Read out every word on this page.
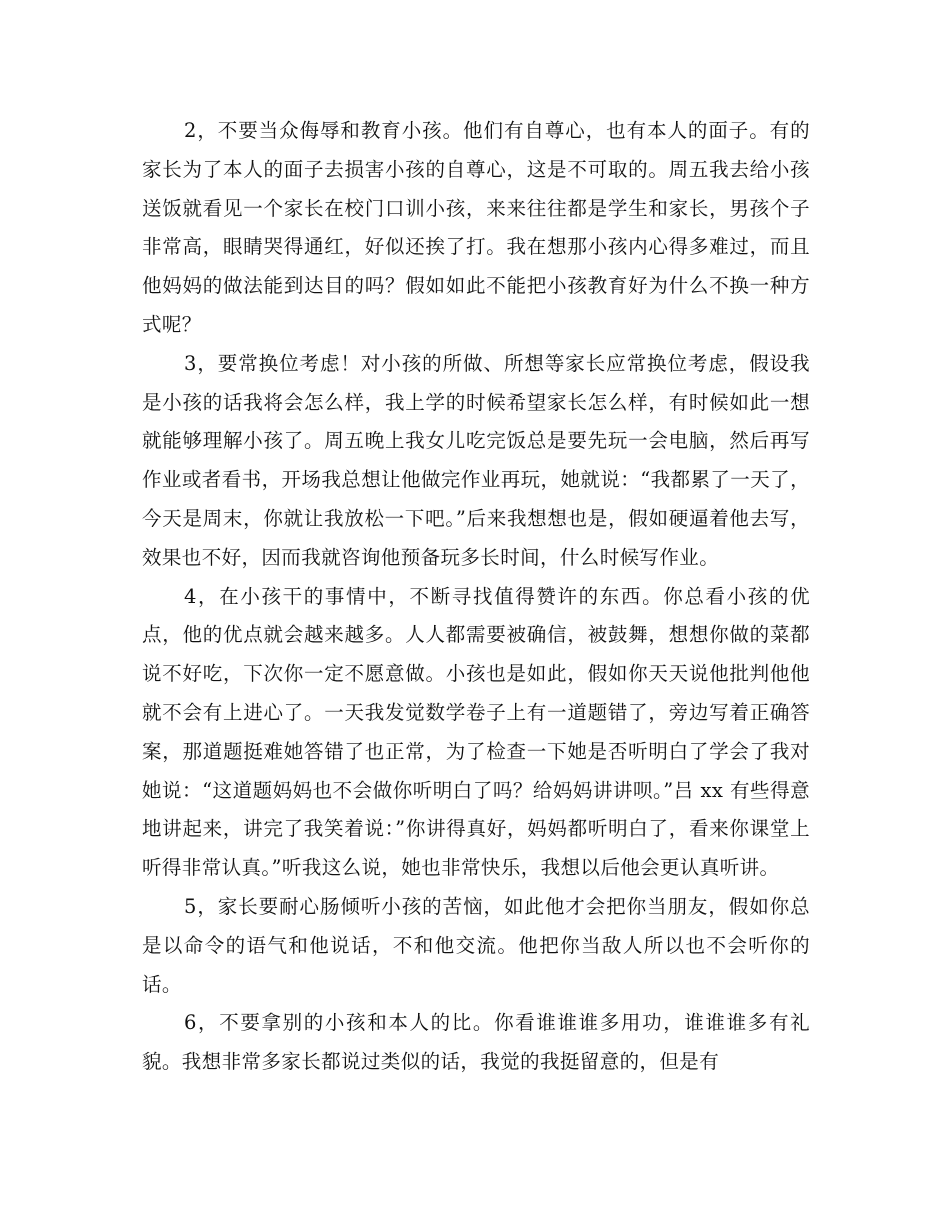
2，不要当众侮辱和教育小孩。他们有自尊心，也有本人的面子。有的家长为了本人的面子去损害小孩的自尊心，这是不可取的。周五我去给小孩送饭就看见一个家长在校门口训小孩，来来往往都是学生和家长，男孩个子非常高，眼睛哭得通红，好似还挨了打。我在想那小孩内心得多难过，而且他妈妈的做法能到达目的吗？假如如此不能把小孩教育好为什么不换一种方式呢？

3，要常换位考虑！对小孩的所做、所想等家长应常换位考虑，假设我是小孩的话我将会怎么样，我上学的时候希望家长怎么样，有时候如此一想就能够理解小孩了。周五晚上我女儿吃完饭总是要先玩一会电脑，然后再写作业或者看书，开场我总想让他做完作业再玩，她就说：“我都累了一天了，今天是周末，你就让我放松一下吧。”后来我想想也是，假如硬逼着他去写，效果也不好，因而我就咨询他预备玩多长时间，什么时候写作业。

4，在小孩干的事情中，不断寻找值得赞许的东西。你总看小孩的优点，他的优点就会越来越多。人人都需要被确信，被鼓舞，想想你做的菜都说不好吃，下次你一定不愿意做。小孩也是如此，假如你天天说他批判他他就不会有上进心了。一天我发觉数学卷子上有一道题错了，旁边写着正确答案，那道题挺难她答错了也正常，为了检查一下她是否听明白了学会了我对她说：“这道题妈妈也不会做你听明白了吗？给妈妈讲讲呗。”吕 xx 有些得意地讲起来，讲完了我笑着说：”你讲得真好，妈妈都听明白了，看来你课堂上听得非常认真。”听我这么说，她也非常快乐，我想以后他会更认真听讲。

5，家长要耐心肠倾听小孩的苦恼，如此他才会把你当朋友，假如你总是以命令的语气和他说话，不和他交流。他把你当敌人所以也不会听你的话。

6，不要拿别的小孩和本人的比。你看谁谁谁多用功，谁谁谁多有礼貌。我想非常多家长都说过类似的话，我觉的我挺留意的，但是有
